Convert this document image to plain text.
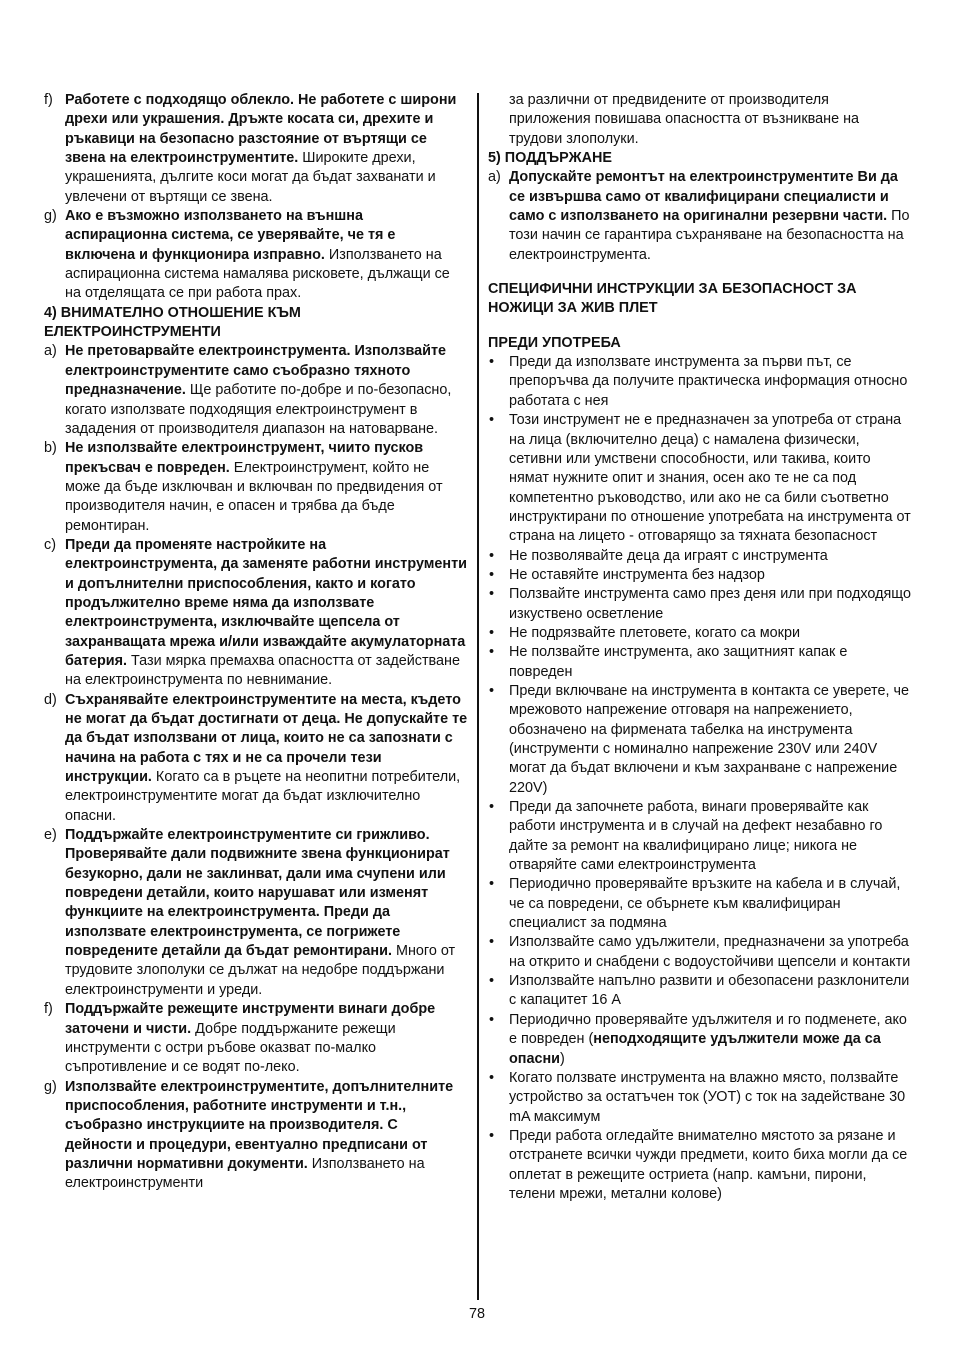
f) Работете с подходящо облекло. Не работете с широни дрехи или украшения. Дръжте косата си, дрехите и ръкавици на безопасно разстояние от въртящи се звена на електроинструментите. Широките дрехи, украшенията, дългите коси могат да бъдат захванати и увлечени от въртящи се звена.
g) Ако е възможно използването на външна аспирационна система, се уверявайте, че тя е включена и функционира изправно. Използването на аспирационна система намалява рисковете, дължащи се на отделящата се при работа прах.
4) ВНИМАТЕЛНО ОТНОШЕНИЕ КЪМ ЕЛЕКТРОИНСТРУМЕНТИ
a) Не претоварвайте електроинструмента. Използвайте електроинструментите само съобразно тяхното предназначение. Ще работите по-добре и по-безопасно, когато използвате подходящия електроинструмент в зададения от производителя диапазон на натоварване.
b) Не използвайте електроинструмент, чиито пусков прекъсвач е повреден. Електроинструмент, който не може да бъде изключван и включван по предвидения от производителя начин, е опасен и трябва да бъде ремонтиран.
c) Преди да променяте настройките на електроинструмента, да заменяте работни инструменти и допълнителни приспособления, както и когато продължително време няма да използвате електроинструмента, изключвайте щепсела от захранващата мрежа и/или изваждайте акумулаторната батерия. Тази мярка премахва опасността от задействане на електроинструмента по невнимание.
d) Съхранявайте електроинструментите на места, където не могат да бъдат достигнати от деца. Не допускайте те да бъдат използвани от лица, които не са запознати с начина на работа с тях и не са прочели тези инструкции. Когато са в ръцете на неопитни потребители, електроинструментите могат да бъдат изключително опасни.
e) Поддържайте електроинструментите си грижливо. Проверявайте дали подвижните звена функционират безукорно, дали не заклинват, дали има счупени или повредени детайли, които нарушават или изменят функциите на електроинструмента. Преди да използвате електроинструмента, се погрижете повредените детайли да бъдат ремонтирани. Много от трудовите злополуки се дължат на недобре поддържани електроинструменти и уреди.
f) Поддържайте режещите инструменти винаги добре заточени и чисти. Добре поддържаните режещи инструменти с остри ръбове оказват по-малко съпротивление и се водят по-леко.
g) Използвайте електроинструментите, допълнителните приспособления, работните инструменти и т.н., съобразно инструкциите на производителя. С дейности и процедури, евентуално предписани от различни нормативни документи. Използването на електроинструменти
за различни от предвидените от производителя приложения повишава опасността от възникване на трудови злополуки.
5) ПОДДЪРЖАНЕ
a) Допускайте ремонтът на електроинструментите Ви да се извършва само от квалифицирани специалисти и само с използването на оригинални резервни части. По този начин се гарантира съхраняване на безопасността на електроинструмента.
СПЕЦИФИЧНИ ИНСТРУКЦИИ ЗА БЕЗОПАСНОСТ ЗА НОЖИЦИ ЗА ЖИВ ПЛЕТ
ПРЕДИ УПОТРЕБА
• Преди да използвате инструмента за първи път, се препоръчва да получите практическа информация относно работата с нея
• Този инструмент не е предназначен за употреба от страна на лица (включително деца) с намалена физически, сетивни или умствени способности, или такива, които нямат нужните опит и знания, осен ако те не са под компетентно ръководство, или ако не са били съответно инструктирани по отношение употребата на инструмента от страна на лицето - отговарящо за тяхната безопасност
• Не позволявайте деца да играят с инструмента
• Не оставяйте инструмента без надзор
• Ползвайте инструмента само през деня или при подходящо изкуствено осветление
• Не подрязвайте плетовете, когато са мокри
• Не ползвайте инструмента, ако защитният капак е повреден
• Преди включване на инструмента в контакта се уверете, че мрежовото напрежение отговаря на напрежението, обозначено на фирмената табелка на инструмента (инструменти с номинално напрежение 230V или 240V могат да бъдат включени и към захранване с напрежение 220V)
• Преди да започнете работа, винаги проверявайте как работи инструмента и в случай на дефект незабавно го дайте за ремонт на квалифицирано лице; никога не отваряйте сами електроинструмента
• Периодично проверявайте връзките на кабела и в случай, че са повредени, се обърнете към квалифициран специалист за подмяна
• Използвайте само удължители, предназначени за употреба на открито и снабдени с водоустойчиви щепсели и контакти
• Използвайте напълно развити и обезопасени разклонители с капацитет 16 A
• Периодично проверявайте удължителя и го подменете, ако е повреден (неподходящите удължители може да са опасни)
• Когато ползвате инструмента на влажно място, ползвайте устройство за остатъчен ток (УОТ) с ток на задействане 30 mA максимум
• Преди работа огледайте внимателно мястото за рязане и отстранете всички чужди предмети, които биха могли да се оплетат в режещите остриета (напр. камъни, пирони, телени мрежи, метални колове)
78
